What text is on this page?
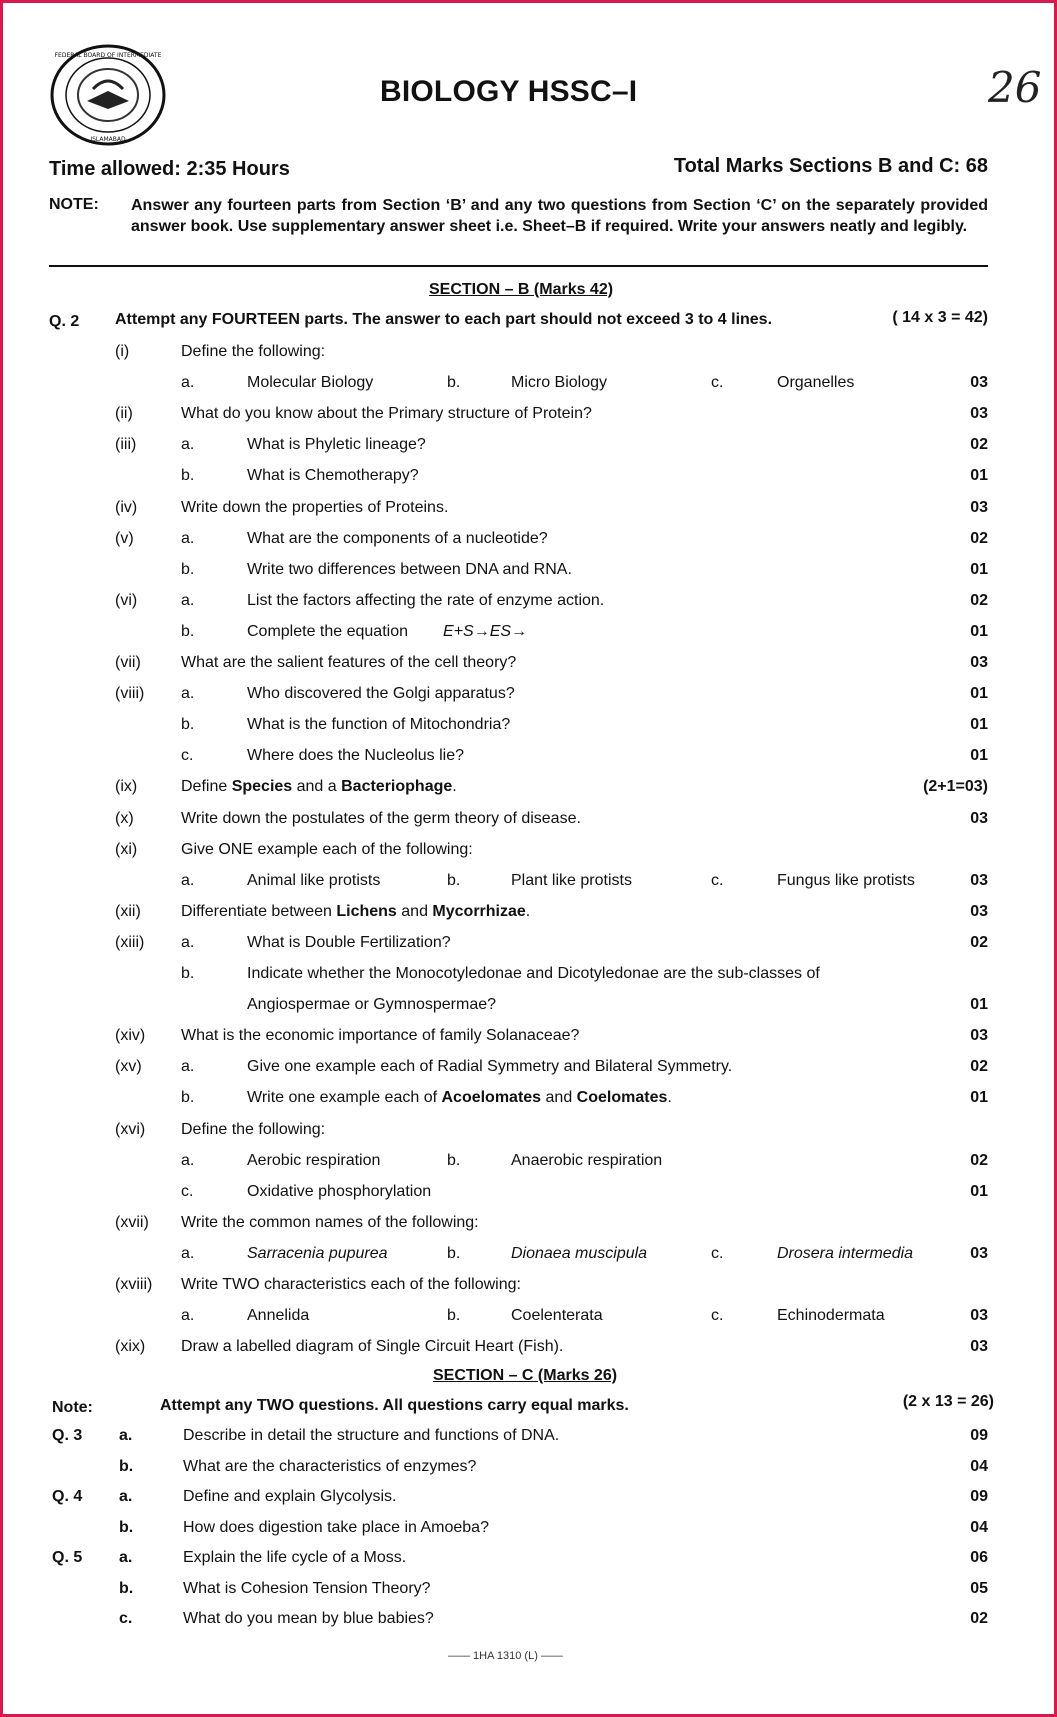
FEDERAL BOARD OF INTERMEDIATE
ISLAMABAD
BIOLOGY HSSC–I	26
Time allowed: 2:35 Hours	Total Marks Sections B and C: 68
NOTE: Answer any fourteen parts from Section ‘B’ and any two questions from Section ‘C’ on the separately provided answer book. Use supplementary answer sheet i.e. Sheet–B if required. Write your answers neatly and legibly.
SECTION – B (Marks 42)
Q. 2 Attempt any FOURTEEN parts. The answer to each part should not exceed 3 to 4 lines.	( 14 x 3 = 42)
(i)	Define the following:
a.	Molecular Biology	b.	Micro Biology	c.	Organelles	03
(ii)	What do you know about the Primary structure of Protein?	03
(iii)	a.	What is Phyletic lineage?	02
b.	What is Chemotherapy?	01
(iv)	Write down the properties of Proteins.	03
(v)	a.	What are the components of a nucleotide?	02
b.	Write two differences between DNA and RNA.	01
(vi)	a.	List the factors affecting the rate of enzyme action.	02
b.	Complete the equation E+S→ES→	01
(vii)	What are the salient features of the cell theory?	03
(viii) a.	Who discovered the Golgi apparatus?	01
b.	What is the function of Mitochondria?	01
c.	Where does the Nucleolus lie?	01
(ix)	Define Species and a Bacteriophage.	(2+1=03)
(x)	Write down the postulates of the germ theory of disease.	03
(xi)	Give ONE example each of the following:
a.	Animal like protists	b.	Plant like protists	c.	Fungus like protists	03
(xii)	Differentiate between Lichens and Mycorrhizae.	03
(xiii) a.	What is Double Fertilization?	02
b.	Indicate whether the Monocotyledonae and Dicotyledonae are the sub-classes of
Angiospermae or Gymnospermae?	01
(xiv) What is the economic importance of family Solanaceae?	03
(xv) a.	Give one example each of Radial Symmetry and Bilateral Symmetry.	02
b.	Write one example each of Acoelomates and Coelomates.	01
(xvi) Define the following:
a.	Aerobic respiration	b.	Anaerobic respiration	02
c.	Oxidative phosphorylation	01
(xvii) Write the common names of the following:
a.	Sarracenia pupurea	b.	Dionaea muscipula	c.	Drosera intermedia	03
(xviii) Write TWO characteristics each of the following:
a.	Annelida	b.	Coelenterata	c.	Echinodermata	03
(xix) Draw a labelled diagram of Single Circuit Heart (Fish).	03
SECTION – C (Marks 26)
Note:	Attempt any TWO questions. All questions carry equal marks.	(2 x 13 = 26)
Q. 3 a.	Describe in detail the structure and functions of DNA.	09
b.	What are the characteristics of enzymes?	04
Q. 4 a.	Define and explain Glycolysis.	09
b.	How does digestion take place in Amoeba?	04
Q. 5 a.	Explain the life cycle of a Moss.	06
b.	What is Cohesion Tension Theory?	05
c.	What do you mean by blue babies?	02
—— 1HA 1310 (L) ——
